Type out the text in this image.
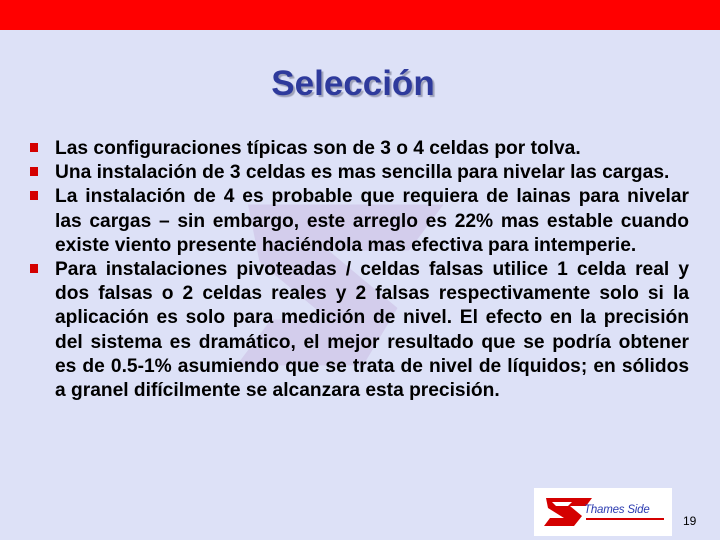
Selección
Las configuraciones típicas son de 3 o 4 celdas por tolva.
Una instalación de 3 celdas es mas sencilla para nivelar las cargas.
La instalación de 4 es probable que requiera de lainas para nivelar las cargas – sin embargo, este arreglo es 22% mas estable cuando existe viento presente haciéndola mas efectiva para intemperie.
Para instalaciones pivoteadas / celdas falsas utilice 1 celda real y dos falsas o 2 celdas reales y 2 falsas respectivamente solo si la aplicación es solo para medición de nivel. El efecto en la precisión del sistema es dramático, el mejor resultado que se podría obtener es de 0.5-1% asumiendo que se trata de nivel de líquidos; en sólidos a granel difícilmente se alcanzara esta precisión.
Thames Side
19
